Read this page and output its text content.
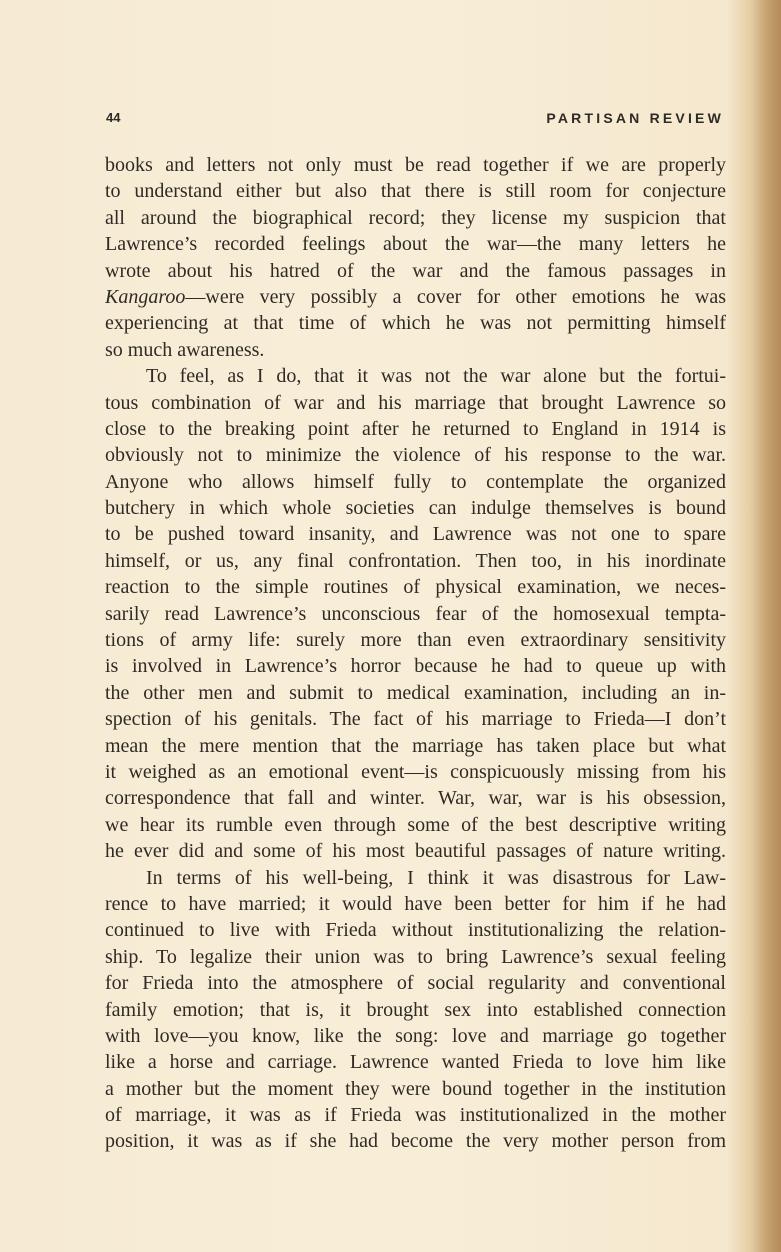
44	PARTISAN REVIEW
books and letters not only must be read together if we are properly
to understand either but also that there is still room for conjecture
all around the biographical record; they license my suspicion that
Lawrence’s recorded feelings about the war—the many letters he
wrote about his hatred of the war and the famous passages in
Kangaroo—were very possibly a cover for other emotions he was
experiencing at that time of which he was not permitting himself
so much awareness.
To feel, as I do, that it was not the war alone but the fortui-
tous combination of war and his marriage that brought Lawrence so
close to the breaking point after he returned to England in 1914 is
obviously not to minimize the violence of his response to the war.
Anyone who allows himself fully to contemplate the organized
butchery in which whole societies can indulge themselves is bound
to be pushed toward insanity, and Lawrence was not one to spare
himself, or us, any final confrontation. Then too, in his inordinate
reaction to the simple routines of physical examination, we neces-
sarily read Lawrence’s unconscious fear of the homosexual tempta-
tions of army life: surely more than even extraordinary sensitivity
is involved in Lawrence’s horror because he had to queue up with
the other men and submit to medical examination, including an in-
spection of his genitals. The fact of his marriage to Frieda—I don’t
mean the mere mention that the marriage has taken place but what
it weighed as an emotional event—is conspicuously missing from his
correspondence that fall and winter. War, war, war is his obsession,
we hear its rumble even through some of the best descriptive writing
he ever did and some of his most beautiful passages of nature writing.
In terms of his well-being, I think it was disastrous for Law-
rence to have married; it would have been better for him if he had
continued to live with Frieda without institutionalizing the relation-
ship. To legalize their union was to bring Lawrence’s sexual feeling
for Frieda into the atmosphere of social regularity and conventional
family emotion; that is, it brought sex into established connection
with love—you know, like the song: love and marriage go together
like a horse and carriage. Lawrence wanted Frieda to love him like
a mother but the moment they were bound together in the institution
of marriage, it was as if Frieda was institutionalized in the mother
position, it was as if she had become the very mother person from
